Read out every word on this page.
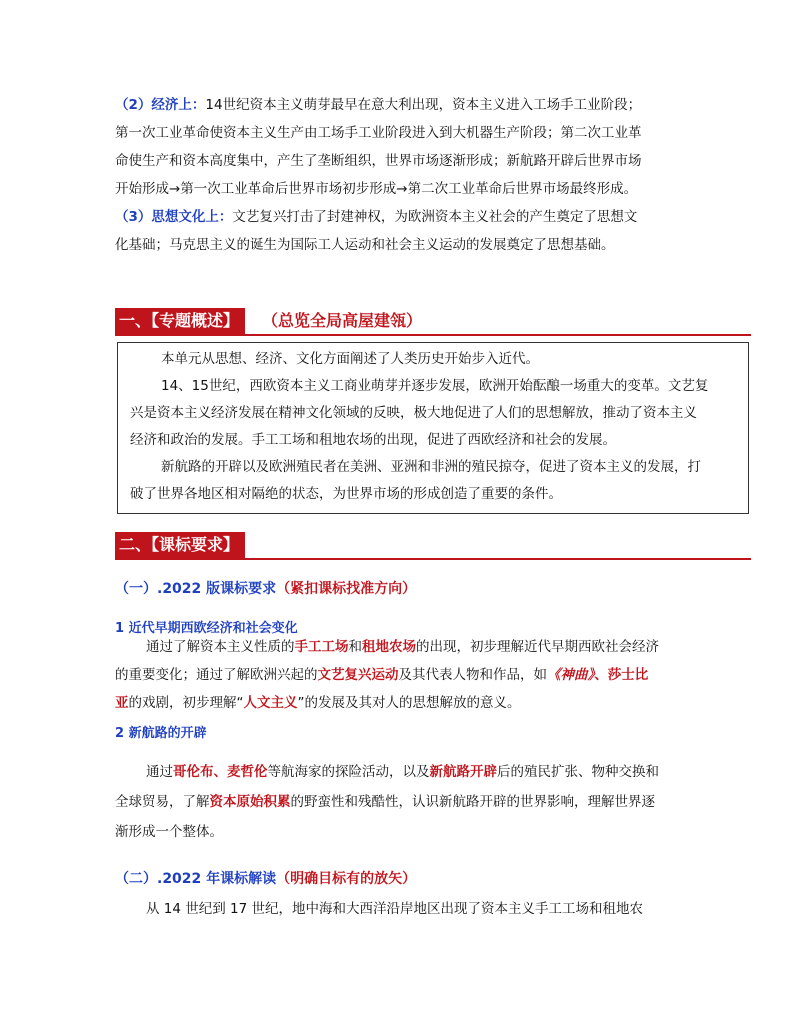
（2）经济上：14世纪资本主义萌芽最早在意大利出现，资本主义进入工场手工业阶段；
第一次工业革命使资本主义生产由工场手工业阶段进入到大机器生产阶段；第二次工业革
命使生产和资本高度集中，产生了垄断组织，世界市场逐渐形成；新航路开辟后世界市场
开始形成→第一次工业革命后世界市场初步形成→第二次工业革命后世界市场最终形成。
（3）思想文化上：文艺复兴打击了封建神权，为欧洲资本主义社会的产生奠定了思想文
化基础；马克思主义的诞生为国际工人运动和社会主义运动的发展奠定了思想基础。
一、【专题概述】	（总览全局高屋建瓴）
本单元从思想、经济、文化方面阐述了人类历史开始步入近代。
14、15世纪，西欧资本主义工商业萌芽并逐步发展，欧洲开始酝酿一场重大的变革。文艺复
兴是资本主义经济发展在精神文化领域的反映，极大地促进了人们的思想解放，推动了资本主义
经济和政治的发展。手工工场和租地农场的出现，促进了西欧经济和社会的发展。
新航路的开辟以及欧洲殖民者在美洲、亚洲和非洲的殖民掠夺，促进了资本主义的发展，打
破了世界各地区相对隔绝的状态，为世界市场的形成创造了重要的条件。
二、【课标要求】
（一）.2022 版课标要求（紧扣课标找准方向）
1 近代早期西欧经济和社会变化
通过了解资本主义性质的手工工场和租地农场的出现，初步理解近代早期西欧社会经济
的重要变化；通过了解欧洲兴起的文艺复兴运动及其代表人物和作品，如《神曲》、莎士比
亚的戏剧，初步理解“人文主义”的发展及其对人的思想解放的意义。
2 新航路的开辟
通过哥伦布、麦哲伦等航海家的探险活动，以及新航路开辟后的殖民扩张、物种交换和
全球贸易，了解资本原始积累的野蛮性和残酷性，认识新航路开辟的世界影响，理解世界逐
渐形成一个整体。
（二）.2022 年课标解读（明确目标有的放矢）
从 14 世纪到 17 世纪，地中海和大西洋沿岸地区出现了资本主义手工工场和租地农
